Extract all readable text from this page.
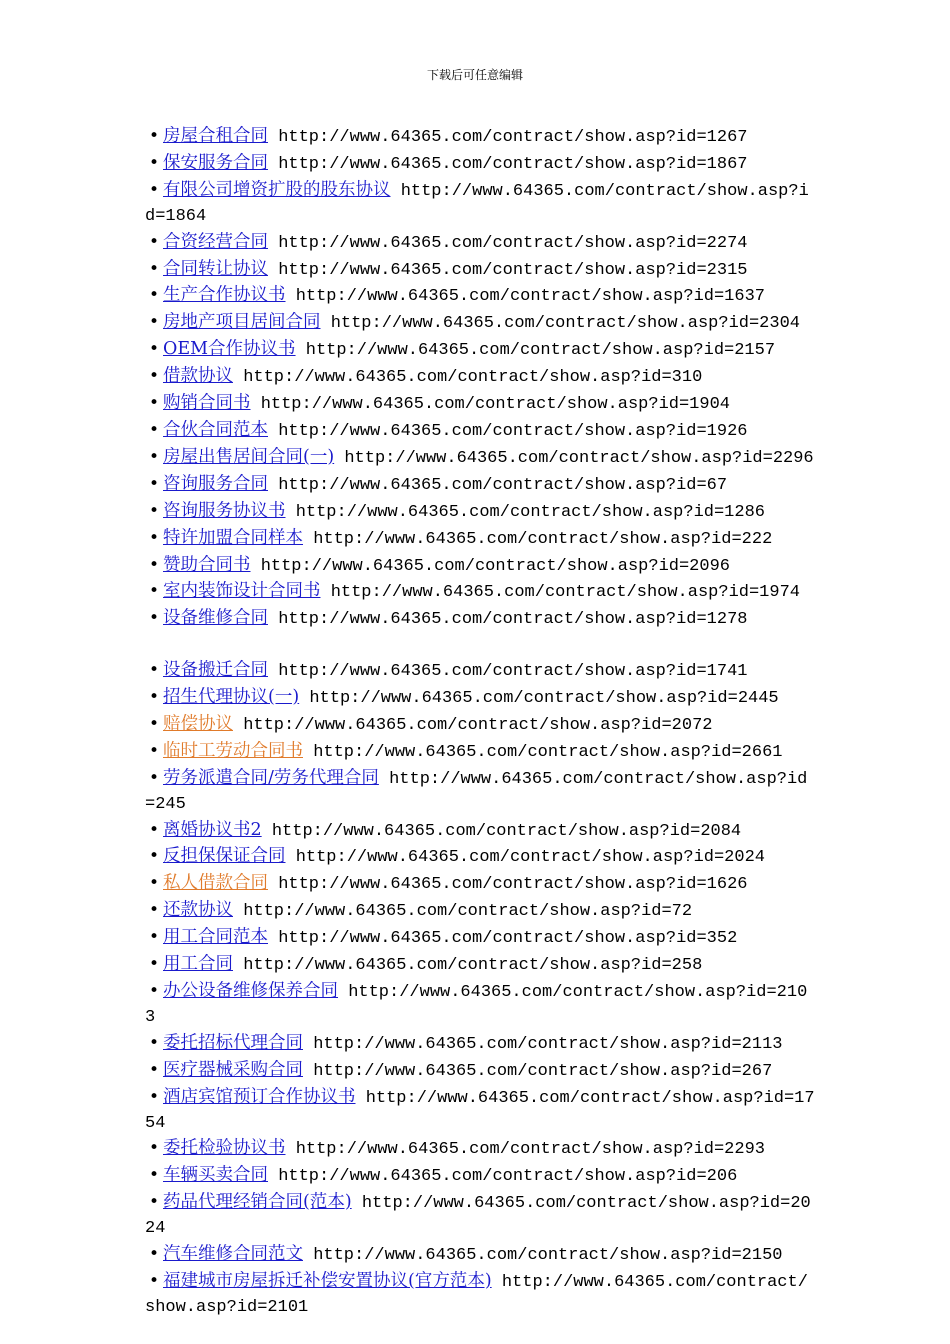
下载后可任意编辑

• 房屋合租合同 http://www.64365.com/contract/show.asp?id=1267

• 保安服务合同 http://www.64365.com/contract/show.asp?id=1867

• 有限公司增资扩股的股东协议 http://www.64365.com/contract/show.asp?id=1864

• 合资经营合同 http://www.64365.com/contract/show.asp?id=2274

• 合同转让协议 http://www.64365.com/contract/show.asp?id=2315

• 生产合作协议书 http://www.64365.com/contract/show.asp?id=1637

• 房地产项目居间合同 http://www.64365.com/contract/show.asp?id=2304

• OEM合作协议书 http://www.64365.com/contract/show.asp?id=2157

• 借款协议 http://www.64365.com/contract/show.asp?id=310

• 购销合同书 http://www.64365.com/contract/show.asp?id=1904

• 合伙合同范本 http://www.64365.com/contract/show.asp?id=1926

• 房屋出售居间合同(一) http://www.64365.com/contract/show.asp?id=2296

• 咨询服务合同 http://www.64365.com/contract/show.asp?id=67

• 咨询服务协议书 http://www.64365.com/contract/show.asp?id=1286

• 特许加盟合同样本 http://www.64365.com/contract/show.asp?id=222

• 赞助合同书 http://www.64365.com/contract/show.asp?id=2096

• 室内装饰设计合同书 http://www.64365.com/contract/show.asp?id=1974

• 设备维修合同 http://www.64365.com/contract/show.asp?id=1278

• 设备搬迁合同 http://www.64365.com/contract/show.asp?id=1741

• 招生代理协议(一) http://www.64365.com/contract/show.asp?id=2445

• 赔偿协议 http://www.64365.com/contract/show.asp?id=2072

• 临时工劳动合同书 http://www.64365.com/contract/show.asp?id=2661

• 劳务派遣合同/劳务代理合同 http://www.64365.com/contract/show.asp?id=245

• 离婚协议书2 http://www.64365.com/contract/show.asp?id=2084

• 反担保保证合同 http://www.64365.com/contract/show.asp?id=2024

• 私人借款合同 http://www.64365.com/contract/show.asp?id=1626

• 还款协议 http://www.64365.com/contract/show.asp?id=72

• 用工合同范本 http://www.64365.com/contract/show.asp?id=352

• 用工合同 http://www.64365.com/contract/show.asp?id=258

• 办公设备维修保养合同 http://www.64365.com/contract/show.asp?id=2103

• 委托招标代理合同 http://www.64365.com/contract/show.asp?id=2113

• 医疗器械采购合同 http://www.64365.com/contract/show.asp?id=267

• 酒店宾馆预订合作协议书 http://www.64365.com/contract/show.asp?id=1754

• 委托检验协议书 http://www.64365.com/contract/show.asp?id=2293

• 车辆买卖合同 http://www.64365.com/contract/show.asp?id=206

• 药品代理经销合同(范本) http://www.64365.com/contract/show.asp?id=2024

• 汽车维修合同范文 http://www.64365.com/contract/show.asp?id=2150

• 福建城市房屋拆迁补偿安置协议(官方范本) http://www.64365.com/contract/show.asp?id=2101
